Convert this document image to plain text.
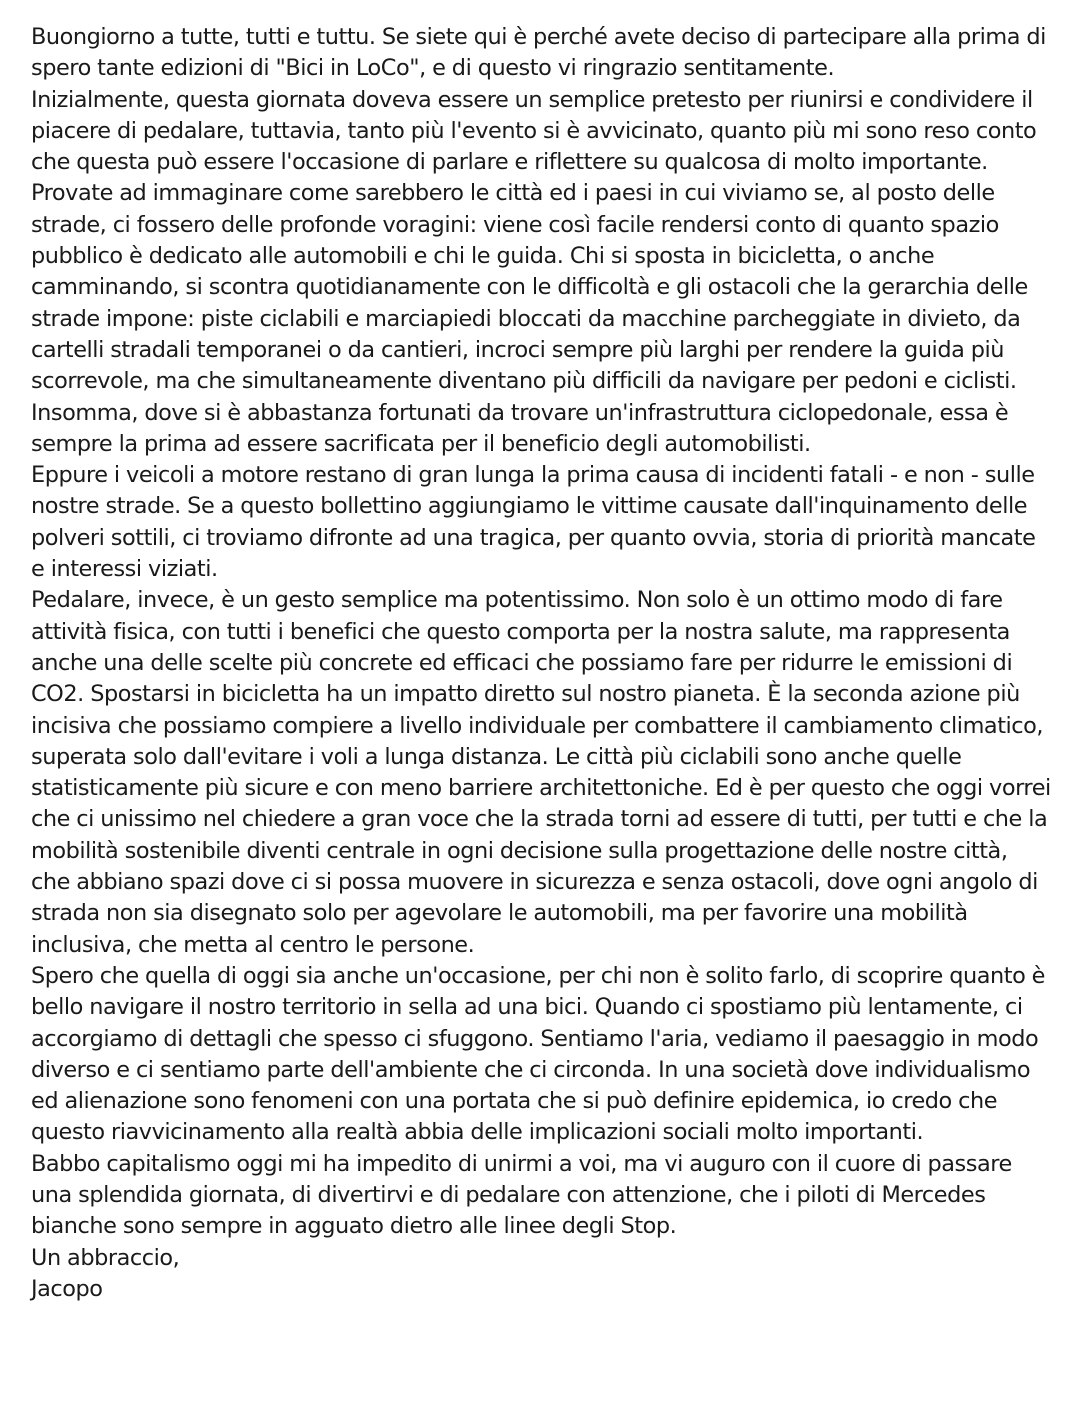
Buongiorno a tutte, tutti e tuttu. Se siete qui è perché avete deciso di partecipare alla prima di spero tante edizioni di "Bici in LoCo", e di questo vi ringrazio sentitamente.

Inizialmente, questa giornata doveva essere un semplice pretesto per riunirsi e condividere il piacere di pedalare, tuttavia, tanto più l'evento si è avvicinato, quanto più mi sono reso conto che questa può essere l'occasione di parlare e riflettere su qualcosa di molto importante.

Provate ad immaginare come sarebbero le città ed i paesi in cui viviamo se, al posto delle strade, ci fossero delle profonde voragini: viene così facile rendersi conto di quanto spazio pubblico è dedicato alle automobili e chi le guida. Chi si sposta in bicicletta, o anche camminando, si scontra quotidianamente con le difficoltà e gli ostacoli che la gerarchia delle strade impone: piste ciclabili e marciapiedi bloccati da macchine parcheggiate in divieto, da cartelli stradali temporanei o da cantieri, incroci sempre più larghi per rendere la guida più scorrevole, ma che simultaneamente diventano più difficili da navigare per pedoni e ciclisti. Insomma, dove si è abbastanza fortunati da trovare un'infrastruttura ciclopedonale, essa è sempre la prima ad essere sacrificata per il beneficio degli automobilisti.

Eppure i veicoli a motore restano di gran lunga la prima causa di incidenti fatali - e non - sulle nostre strade. Se a questo bollettino aggiungiamo le vittime causate dall'inquinamento delle polveri sottili, ci troviamo difronte ad una tragica, per quanto ovvia, storia di priorità mancate e interessi viziati.

Pedalare, invece, è un gesto semplice ma potentissimo. Non solo è un ottimo modo di fare attività fisica, con tutti i benefici che questo comporta per la nostra salute, ma rappresenta anche una delle scelte più concrete ed efficaci che possiamo fare per ridurre le emissioni di CO2. Spostarsi in bicicletta ha un impatto diretto sul nostro pianeta. È la seconda azione più incisiva che possiamo compiere a livello individuale per combattere il cambiamento climatico, superata solo dall'evitare i voli a lunga distanza. Le città più ciclabili sono anche quelle statisticamente più sicure e con meno barriere architettoniche. Ed è per questo che oggi vorrei che ci unissimo nel chiedere a gran voce che la strada torni ad essere di tutti, per tutti e che la mobilità sostenibile diventi centrale in ogni decisione sulla progettazione delle nostre città, che abbiano spazi dove ci si possa muovere in sicurezza e senza ostacoli, dove ogni angolo di strada non sia disegnato solo per agevolare le automobili, ma per favorire una mobilità inclusiva, che metta al centro le persone.

Spero che quella di oggi sia anche un'occasione, per chi non è solito farlo, di scoprire quanto è bello navigare il nostro territorio in sella ad una bici. Quando ci spostiamo più lentamente, ci accorgiamo di dettagli che spesso ci sfuggono. Sentiamo l'aria, vediamo il paesaggio in modo diverso e ci sentiamo parte dell'ambiente che ci circonda. In una società dove individualismo ed alienazione sono fenomeni con una portata che si può definire epidemica, io credo che questo riavvicinamento alla realtà abbia delle implicazioni sociali molto importanti.

Babbo capitalismo oggi mi ha impedito di unirmi a voi, ma vi auguro con il cuore di passare una splendida giornata, di divertirvi e di pedalare con attenzione, che i piloti di Mercedes bianche sono sempre in agguato dietro alle linee degli Stop.

Un abbraccio,

Jacopo
